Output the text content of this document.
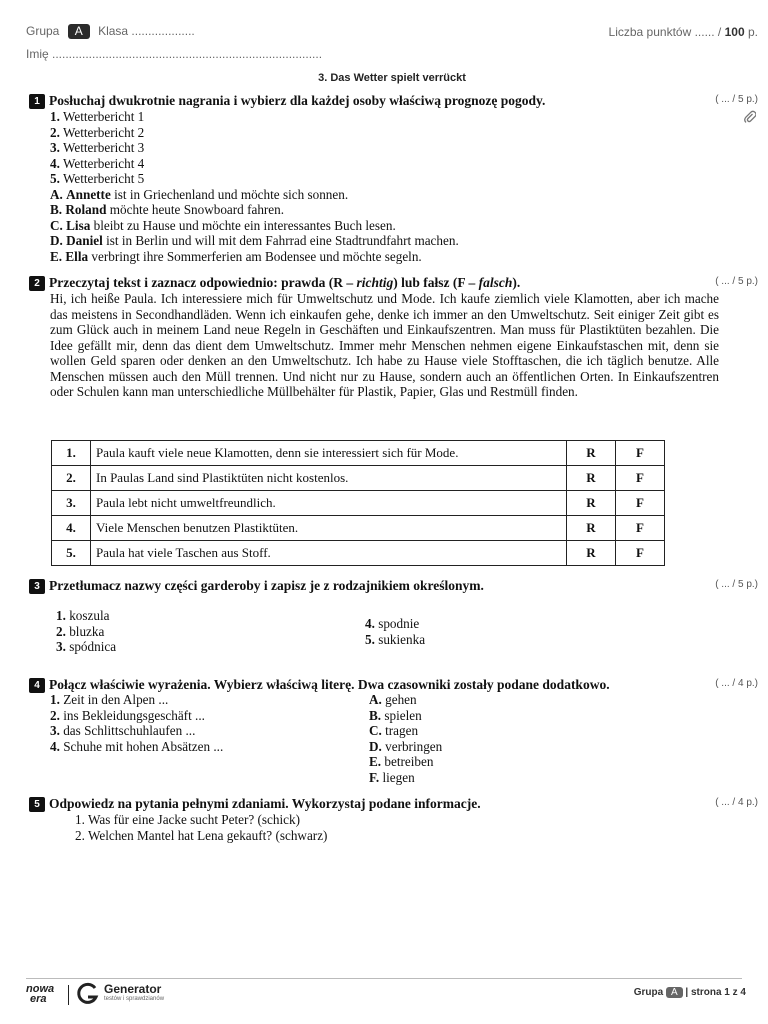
Grupa A Klasa ...................
Imię .................................................................................
Liczba punktów ...... / 100 p.
3. Das Wetter spielt verrückt
1 Posłuchaj dwukrotnie nagrania i wybierz dla każdej osoby właściwą prognozę pogody.
1. Wetterbericht 1
2. Wetterbericht 2
3. Wetterbericht 3
4. Wetterbericht 4
5. Wetterbericht 5
A. Annette ist in Griechenland und möchte sich sonnen.
B. Roland möchte heute Snowboard fahren.
C. Lisa bleibt zu Hause und möchte ein interessantes Buch lesen.
D. Daniel ist in Berlin und will mit dem Fahrrad eine Stadtrundfahrt machen.
E. Ella verbringt ihre Sommerferien am Bodensee und möchte segeln.
( ... / 5 p.)
2 Przeczytaj tekst i zaznacz odpowiednio: prawda (R – richtig) lub fałsz (F – falsch).
Hi, ich heiße Paula. Ich interessiere mich für Umweltschutz und Mode. Ich kaufe ziemlich viele Klamotten, aber ich mache das meistens in Secondhandläden. Wenn ich einkaufen gehe, denke ich immer an den Umweltschutz. Seit einiger Zeit gibt es zum Glück auch in meinem Land neue Regeln in Geschäften und Einkaufszentren. Man muss für Plastiktüten bezahlen. Die Idee gefällt mir, denn das dient dem Umweltschutz. Immer mehr Menschen nehmen eigene Einkaufstaschen mit, denn sie wollen Geld sparen oder denken an den Umweltschutz. Ich habe zu Hause viele Stofftaschen, die ich täglich benutze. Alle Menschen müssen auch den Müll trennen. Und nicht nur zu Hause, sondern auch an öffentlichen Orten. In Einkaufszentren oder Schulen kann man unterschiedliche Müllbehälter für Plastik, Papier, Glas und Restmüll finden.
( ... / 5 p.)
1.	Paula kauft viele neue Klamotten, denn sie interessiert sich für Mode.	R	F
2.	In Paulas Land sind Plastiktüten nicht kostenlos.	R	F
3.	Paula lebt nicht umweltfreundlich.	R	F
4.	Viele Menschen benutzen Plastiktüten.	R	F
5.	Paula hat viele Taschen aus Stoff.	R	F
3 Przetłumacz nazwy części garderoby i zapisz je z rodzajnikiem określonym.	( ... / 5 p.)
1. koszula
2. bluzka
3. spódnica
4. spodnie
5. sukienka
4 Połącz właściwie wyrażenia. Wybierz właściwą literę. Dwa czasowniki zostały podane dodatkowo.	( ... / 4 p.)
1. Zeit in den Alpen ...
2. ins Bekleidungsgeschäft ...
3. das Schlittschuhlaufen ...
4. Schuhe mit hohen Absätzen ...
A. gehen
B. spielen
C. tragen
D. verbringen
E. betreiben
F. liegen
5 Odpowiedz na pytania pełnymi zdaniami. Wykorzystaj podane informacje.	( ... / 4 p.)
1. Was für eine Jacke sucht Peter? (schick)
2. Welchen Mantel hat Lena gekauft? (schwarz)
nowa
era
Generator
testów i sprawdzianów
Grupa A | strona 1 z 4
